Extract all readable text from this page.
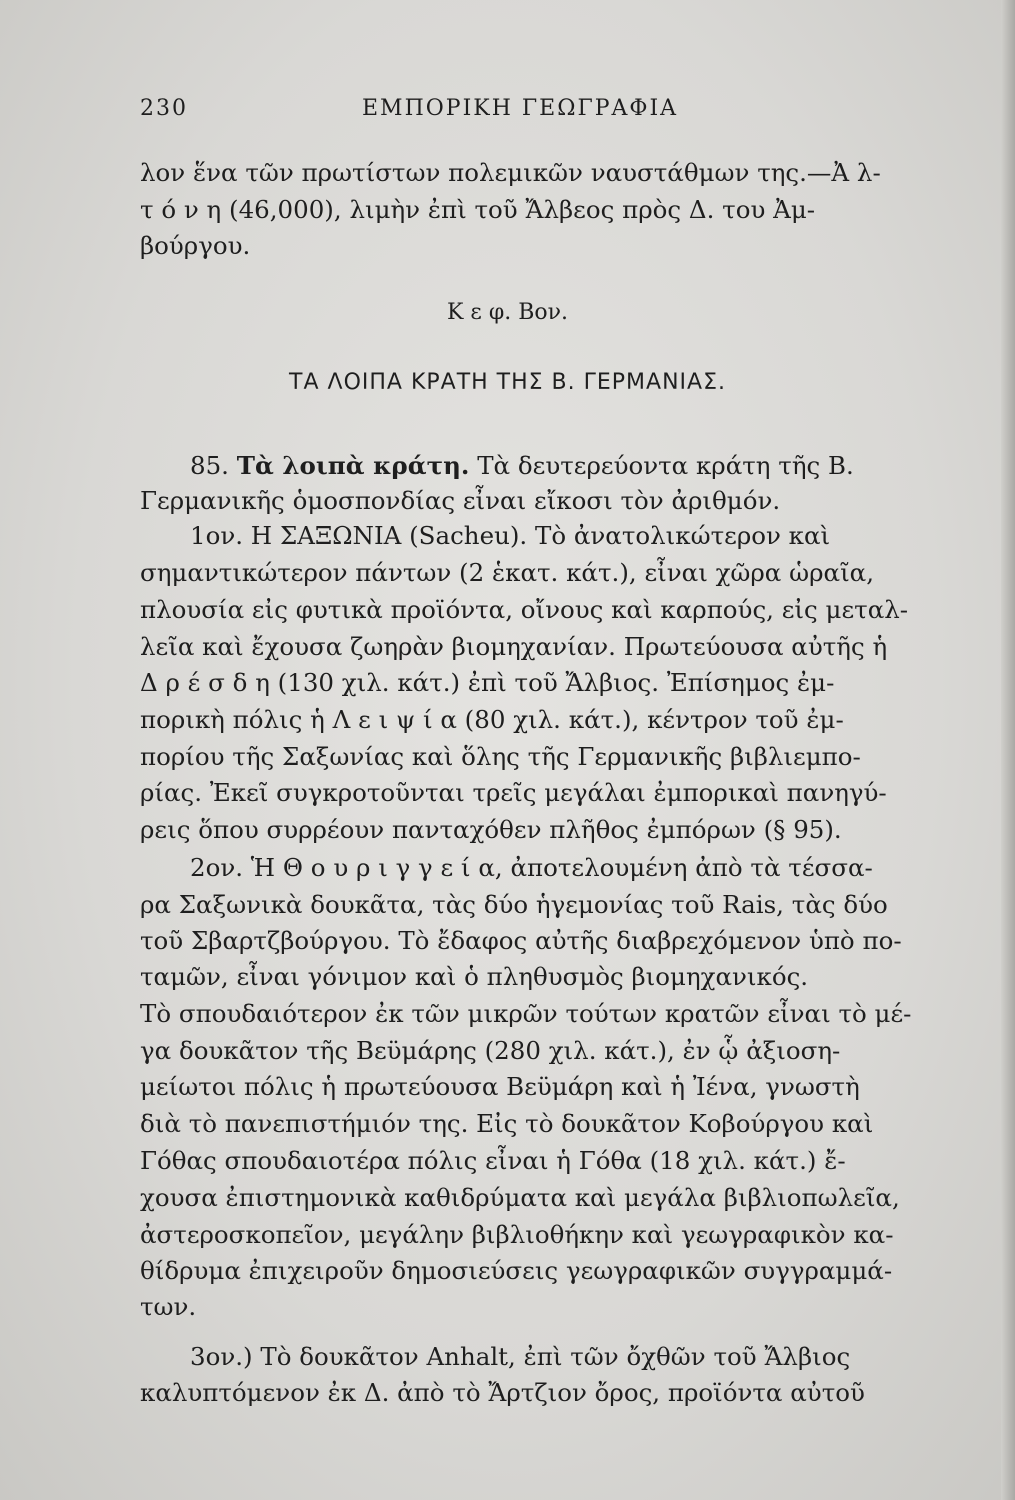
230	ΕΜΠΟΡΙΚΗ ΓΕΩΓΡΑΦΙΑ
λον ἕνα τῶν πρωτίστων πολεμικῶν ναυστάθμων της.—Ἀ λ-
τ ό ν η (46,000), λιμὴν ἐπὶ τοῦ Ἄλβεος πρὸς Δ. του Ἀμ-
βούργου.
Κ ε φ. Βον.
ΤΑ ΛΟΙΠΑ ΚΡΑΤΗ ΤΗΣ Β. ΓΕΡΜΑΝΙΑΣ.
85. Τὰ λοιπὰ κράτη. Τὰ δευτερεύοντα κράτη τῆς Β.
Γερμανικῆς ὁμοσπονδίας εἶναι εἴκοσι τὸν ἀριθμόν.
1ον. Η ΣΑΞΩΝΙΑ (Sacheu). Τὸ ἀνατολικώτερον καὶ
σημαντικώτερον πάντων (2 ἑκατ. κάτ.), εἶναι χῶρα ὡραῖα,
πλουσία εἰς φυτικὰ προϊόντα, οἴνους καὶ καρπούς, εἰς μεταλ-
λεῖα καὶ ἔχουσα ζωηρὰν βιομηχανίαν. Πρωτεύουσα αὐτῆς ἡ
Δ ρ έ σ δ η (130 χιλ. κάτ.) ἐπὶ τοῦ Ἄλβιος. Ἐπίσημος ἐμ-
πορικὴ πόλις ἡ Λ ε ι ψ ί α (80 χιλ. κάτ.), κέντρον τοῦ ἐμ-
πορίου τῆς Σαξωνίας καὶ ὅλης τῆς Γερμανικῆς βιβλιεμπο-
ρίας. Ἐκεῖ συγκροτοῦνται τρεῖς μεγάλαι ἐμπορικαὶ πανηγύ-
ρεις ὅπου συρρέουν πανταχόθεν πλῆθος ἐμπόρων (§ 95).
2ον. Ἡ Θ ο υ ρ ι γ γ ε ί α, ἀποτελουμένη ἀπὸ τὰ τέσσα-
ρα Σαξωνικὰ δουκᾶτα, τὰς δύο ἡγεμονίας τοῦ Rais, τὰς δύο
τοῦ Σβαρτζβούργου. Τὸ ἔδαφος αὐτῆς διαβρεχόμενον ὑπὸ πο-
ταμῶν, εἶναι γόνιμον καὶ ὁ πληθυσμὸς βιομηχανικός.
Τὸ σπουδαιότερον ἐκ τῶν μικρῶν τούτων κρατῶν εἶναι τὸ μέ-
γα δουκᾶτον τῆς Βεϋμάρης (280 χιλ. κάτ.), ἐν ᾧ ἀξιοση-
μείωτοι πόλις ἡ πρωτεύουσα Βεϋμάρη καὶ ἡ Ἰένα, γνωστὴ
διὰ τὸ πανεπιστήμιόν της. Εἰς τὸ δουκᾶτον Κοβούργου καὶ
Γόθας σπουδαιοτέρα πόλις εἶναι ἡ Γόθα (18 χιλ. κάτ.) ἔ-
χουσα ἐπιστημονικὰ καθιδρύματα καὶ μεγάλα βιβλιοπωλεῖα,
ἀστεροσκοπεῖον, μεγάλην βιβλιοθήκην καὶ γεωγραφικὸν κα-
θίδρυμα ἐπιχειροῦν δημοσιεύσεις γεωγραφικῶν συγγραμμά-
των.
3ον.) Τὸ δουκᾶτον Anhalt, ἐπὶ τῶν ὄχθῶν τοῦ Ἄλβιος
καλυπτόμενον ἐκ Δ. ἀπὸ τὸ Ἄρτζιον ὄρος, προϊόντα αὐτοῦ
